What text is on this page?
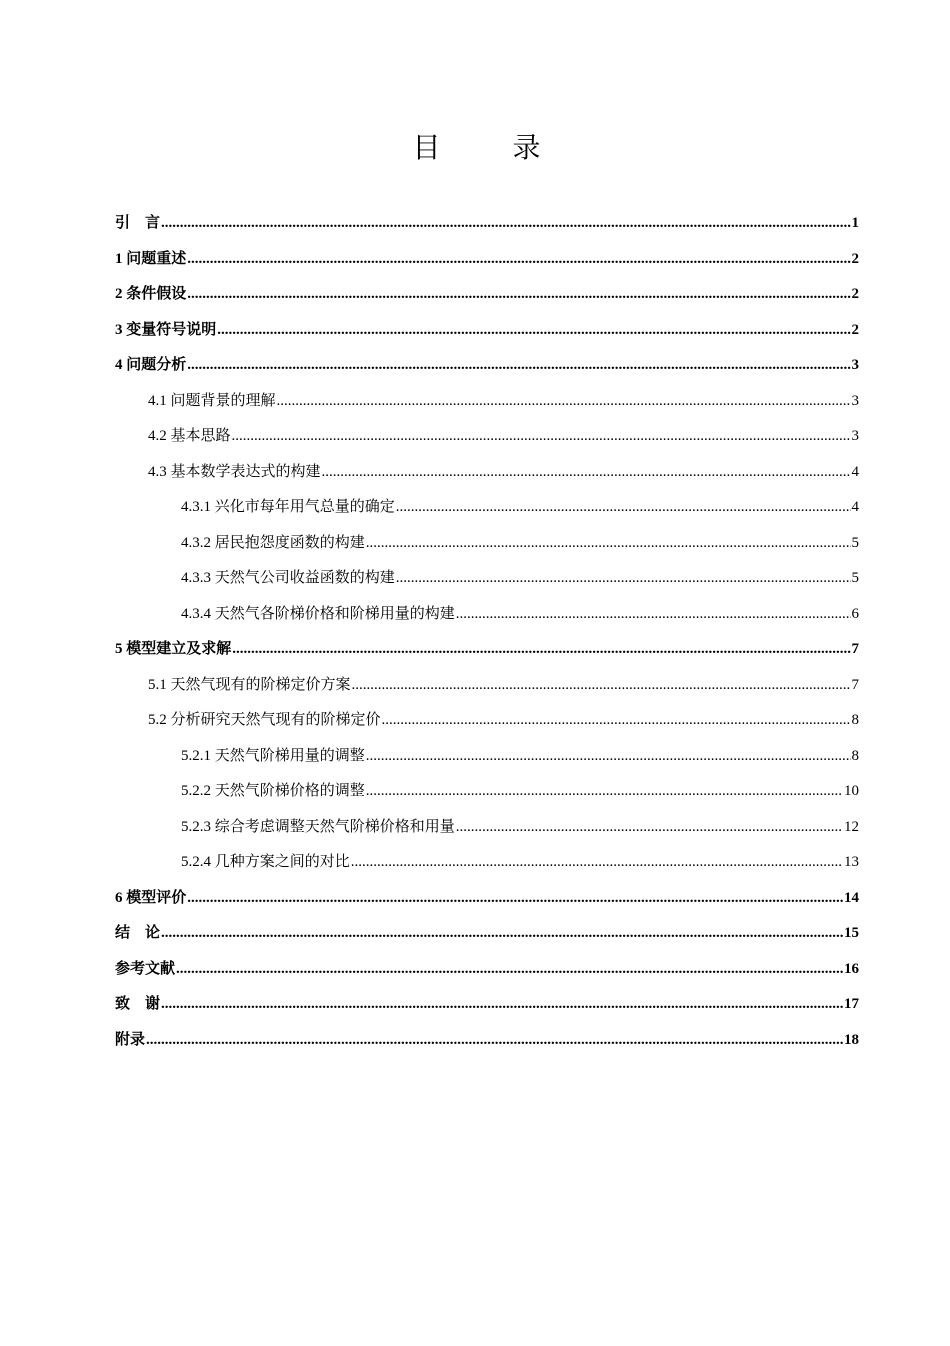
目　录
引　言 .....	1
1 问题重述 .....	2
2 条件假设 .....	2
3 变量符号说明 .....	2
4 问题分析 .....	3
4.1 问题背景的理解 .....	3
4.2 基本思路 .....	3
4.3 基本数学表达式的构建 .....	4
4.3.1 兴化市每年用气总量的确定 .....	4
4.3.2 居民抱怨度函数的构建 .....	5
4.3.3 天然气公司收益函数的构建 .....	5
4.3.4 天然气各阶梯价格和阶梯用量的构建 .....	6
5 模型建立及求解 .....	7
5.1 天然气现有的阶梯定价方案 .....	7
5.2 分析研究天然气现有的阶梯定价 .....	8
5.2.1 天然气阶梯用量的调整 .....	8
5.2.2 天然气阶梯价格的调整 .....	10
5.2.3 综合考虑调整天然气阶梯价格和用量 .....	12
5.2.4 几种方案之间的对比 .....	13
6 模型评价 .....	14
结　论 .....	15
参考文献 .....	16
致　谢 .....	17
附录 .....	18
